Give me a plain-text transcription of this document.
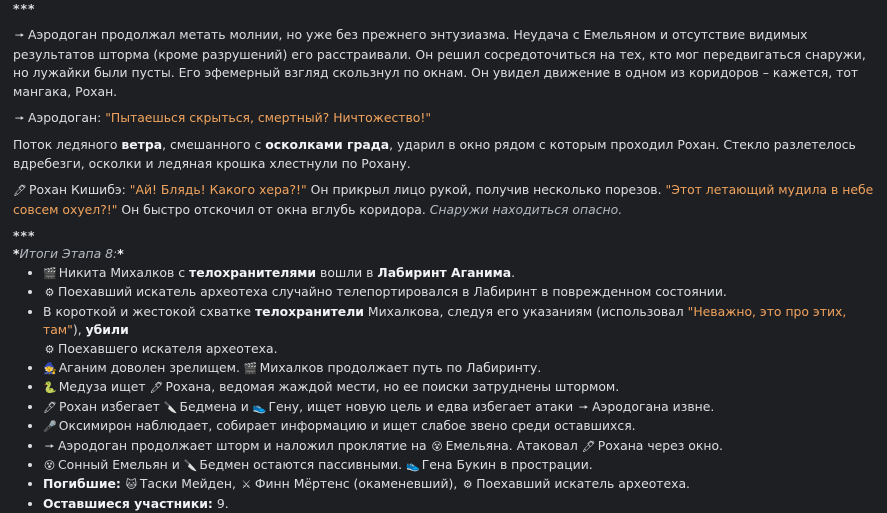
***

🠖 Аэродоган продолжал метать молнии, но уже без прежнего энтузиазма. Неудача с Емельяном и отсутствие видимых результатов шторма (кроме разрушений) его расстраивали. Он решил сосредоточиться на тех, кто мог передвигаться снаружи, но лужайки были пусты. Его эфемерный взгляд скользнул по окнам. Он увидел движение в одном из коридоров – кажется, тот мангака, Рохан.

🠖 Аэродоган: "Пытаешься скрыться, смертный? Ничтожество!"

Поток ледяного ветра, смешанного с осколками града, ударил в окно рядом с которым проходил Рохан. Стекло разлетелось вдребезги, осколки и ледяная крошка хлестнули по Рохану.

🖊 Рохан Кишибэ: "Ай! Блядь! Какого хера?!" Он прикрыл лицо рукой, получив несколько порезов. "Этот летающий мудила в небе совсем охуел?!" Он быстро отскочил от окна вглубь коридора. Снаружи находиться опасно.

***

*Итоги Этапа 8:*

• 🎬 Никита Михалков с телохранителями вошли в Лабиринт Аганима.
• ⚙ Поехавший искатель археотеха случайно телепортировался в Лабиринт в поврежденном состоянии.
• В короткой и жестокой схватке телохранители Михалкова, следуя его указаниям (использовал "Неважно, это про этих, там"), убили
⚙ Поехавшего искателя археотеха.
• 🧙 Аганим доволен зрелищем. 🎬 Михалков продолжает путь по Лабиринту.
• 🐍 Медуза ищет 🖊 Рохана, ведомая жаждой мести, но ее поиски затруднены штормом.
• 🖊 Рохан избегает 🔪 Бедмена и 👟 Гену, ищет новую цель и едва избегает атаки 🠖 Аэродогана извне.
• 🎤 Оксимирон наблюдает, собирает информацию и ищет слабое звено среди оставшихся.
• 🠖 Аэродоган продолжает шторм и наложил проклятие на 😵 Емельяна. Атаковал 🖊 Рохана через окно.
• 😵 Сонный Емельян и 🔪 Бедмен остаются пассивными. 👟 Гена Букин в прострации.
• Погибшие: 🐱 Таски Мейден, ⚔ Финн Мёртенс (окаменевший), ⚙ Поехавший искатель археотеха.
• Оставшиеся участники: 9.
